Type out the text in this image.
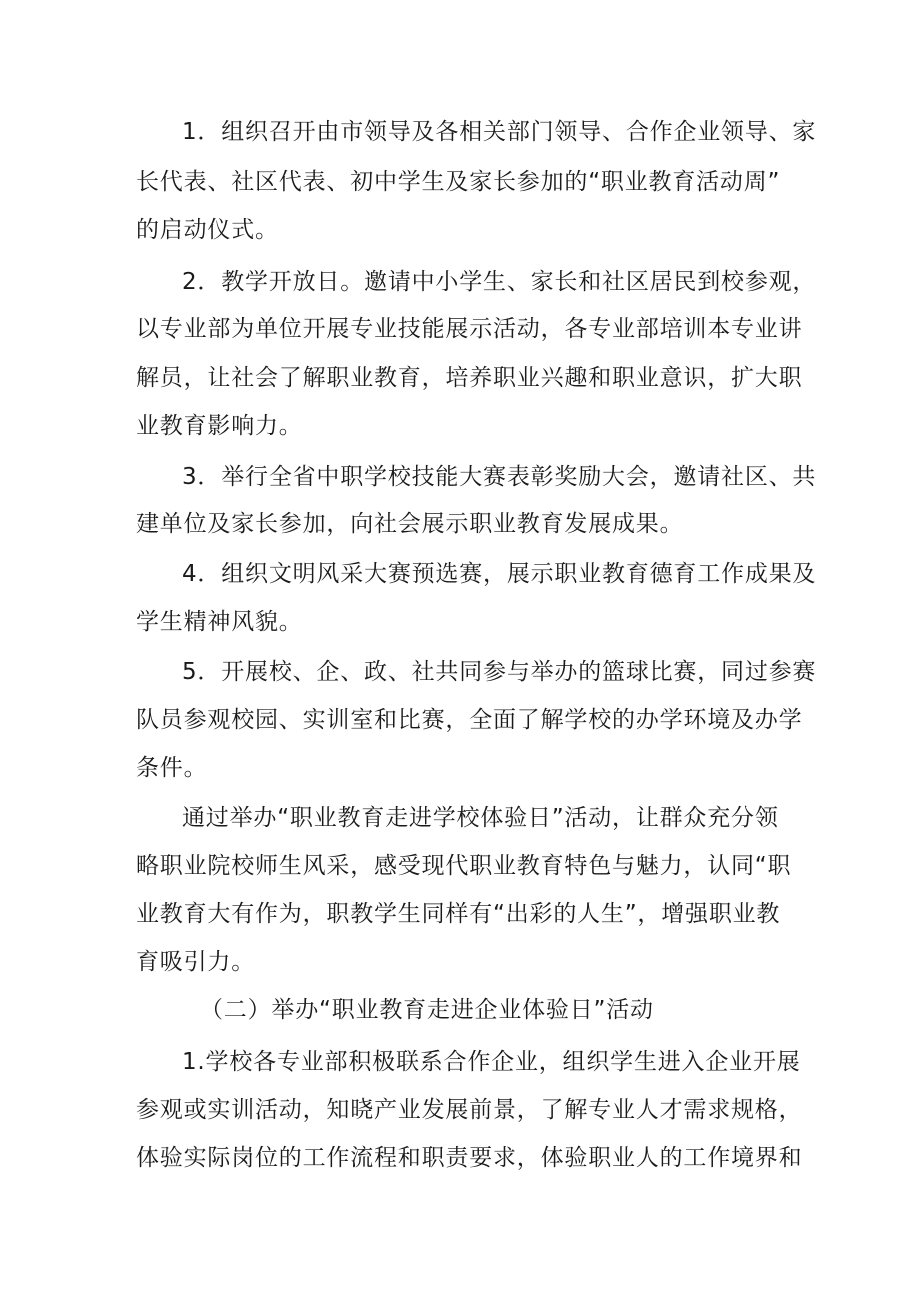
1．组织召开由市领导及各相关部门领导、合作企业领导、家
长代表、社区代表、初中学生及家长参加的“职业教育活动周”
的启动仪式。
2．教学开放日。邀请中小学生、家长和社区居民到校参观，
以专业部为单位开展专业技能展示活动，各专业部培训本专业讲
解员，让社会了解职业教育，培养职业兴趣和职业意识，扩大职
业教育影响力。
3．举行全省中职学校技能大赛表彰奖励大会，邀请社区、共
建单位及家长参加，向社会展示职业教育发展成果。
4．组织文明风采大赛预选赛，展示职业教育德育工作成果及
学生精神风貌。
5．开展校、企、政、社共同参与举办的篮球比赛，同过参赛
队员参观校园、实训室和比赛，全面了解学校的办学环境及办学
条件。
通过举办“职业教育走进学校体验日”活动，让群众充分领
略职业院校师生风采，感受现代职业教育特色与魅力，认同“职
业教育大有作为，职教学生同样有“出彩的人生”，增强职业教
育吸引力。
（二）举办“职业教育走进企业体验日”活动
1.学校各专业部积极联系合作企业，组织学生进入企业开展
参观或实训活动，知晓产业发展前景，了解专业人才需求规格，
体验实际岗位的工作流程和职责要求，体验职业人的工作境界和
